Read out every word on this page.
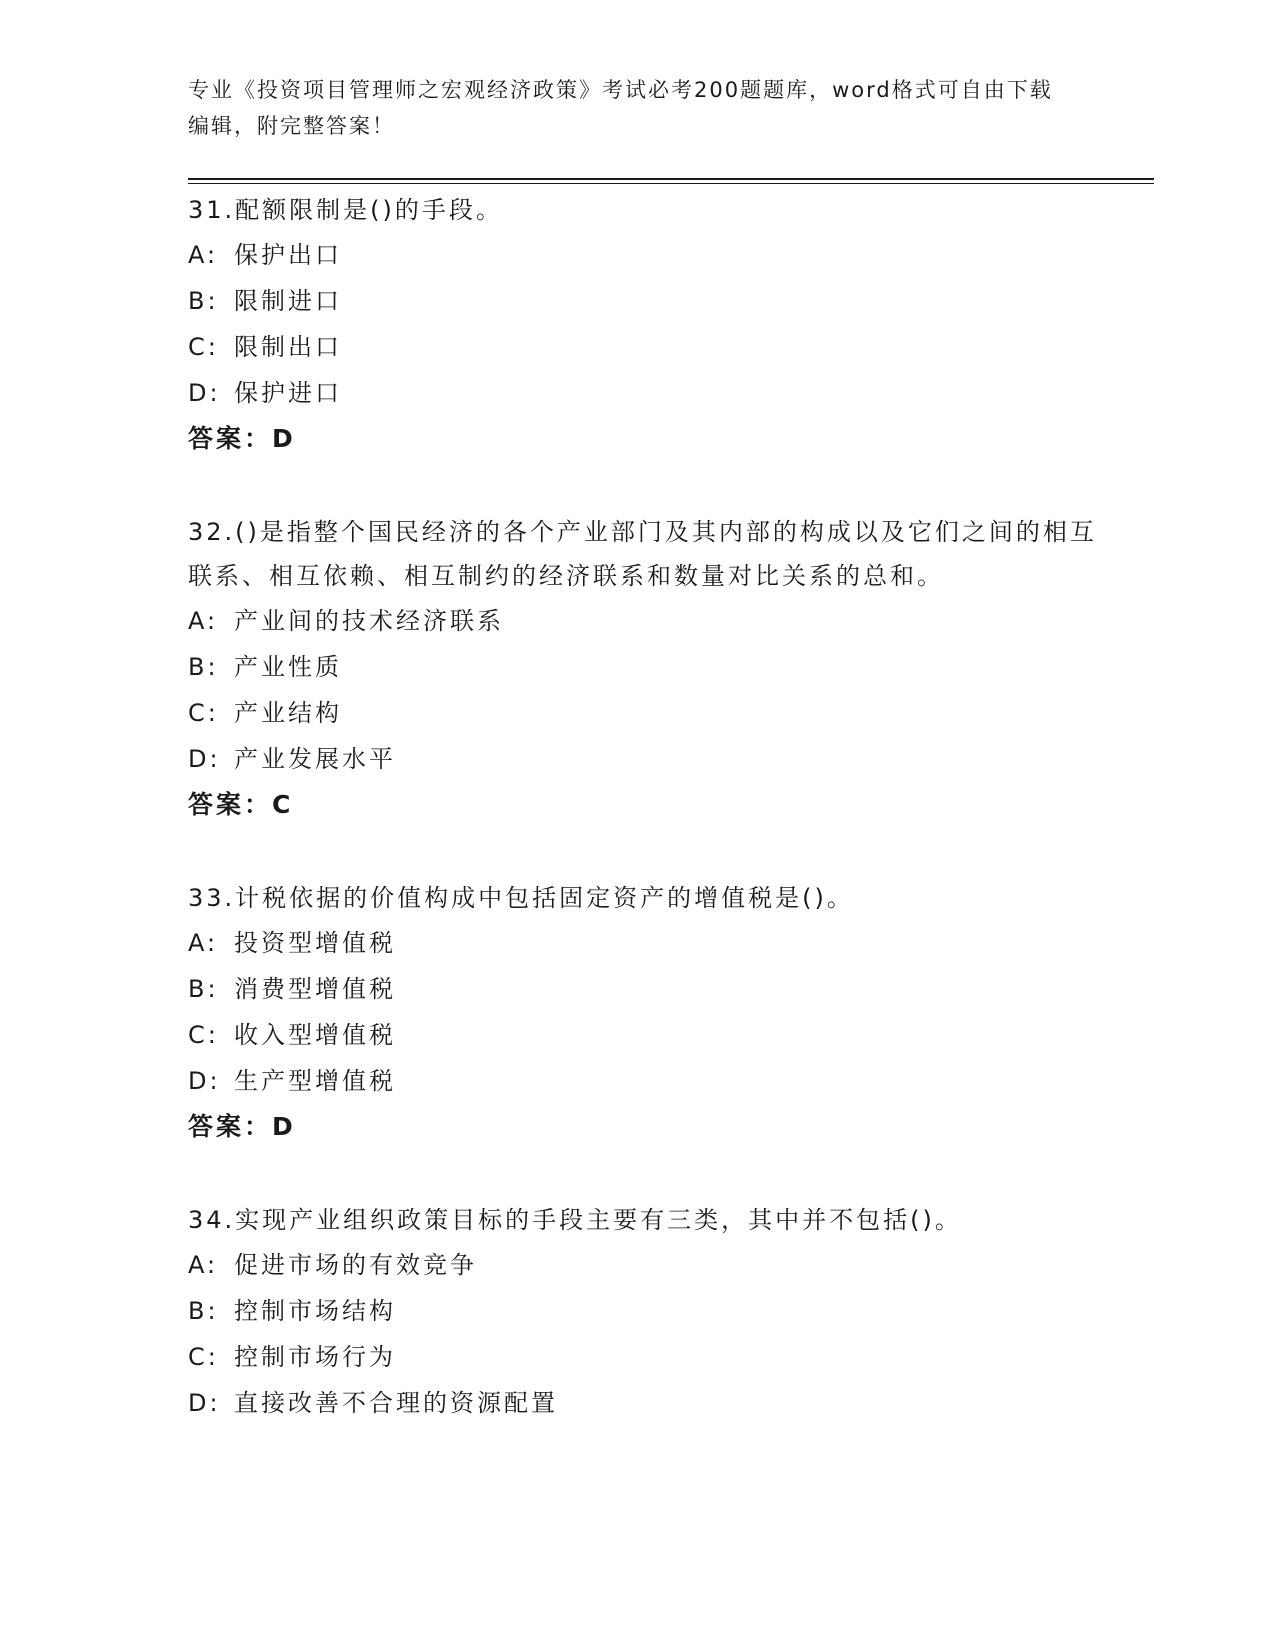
专业《投资项目管理师之宏观经济政策》考试必考200题题库，word格式可自由下载编辑，附完整答案！

31.配额限制是()的手段。

A: 保护出口

B: 限制进口

C: 限制出口

D: 保护进口

答案：D

32.()是指整个国民经济的各个产业部门及其内部的构成以及它们之间的相互联系、相互依赖、相互制约的经济联系和数量对比关系的总和。

A: 产业间的技术经济联系

B: 产业性质

C: 产业结构

D: 产业发展水平

答案：C

33.计税依据的价值构成中包括固定资产的增值税是()。

A: 投资型增值税

B: 消费型增值税

C: 收入型增值税

D: 生产型增值税

答案：D

34.实现产业组织政策目标的手段主要有三类，其中并不包括()。

A: 促进市场的有效竞争

B: 控制市场结构

C: 控制市场行为

D: 直接改善不合理的资源配置
